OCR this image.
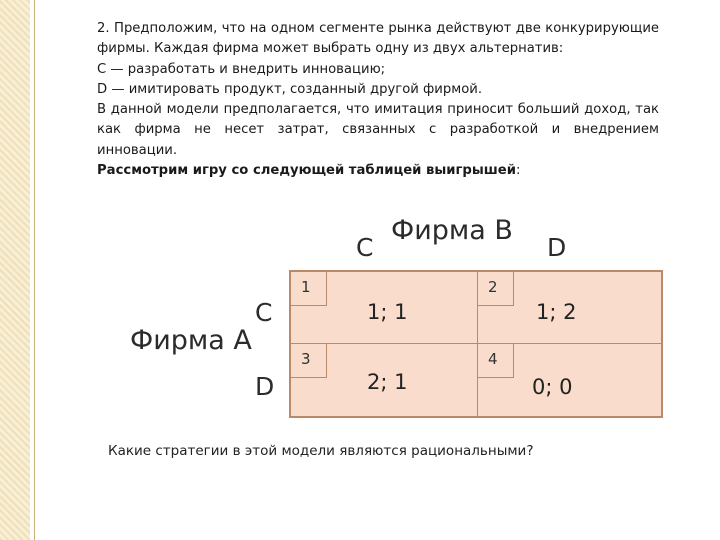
2. Предположим, что на одном сегменте рынка действуют две конкурирующие фирмы. Каждая фирма может выбрать одну из двух альтернатив:

C — разработать и внедрить инновацию;

D — имитировать продукт, созданный другой фирмой.

В данной модели предполагается, что имитация приносит больший доход, так как фирма не несет затрат, связанных с разработкой и внедрением инновации.

Рассмотрим игру со следующей таблицей выигрышей:

C
Фирма В
D
Фирма А
C
D
1
1; 1
2
1; 2
3
2; 1
4
0; 0
Какие стратегии в этой модели являются рациональными?
